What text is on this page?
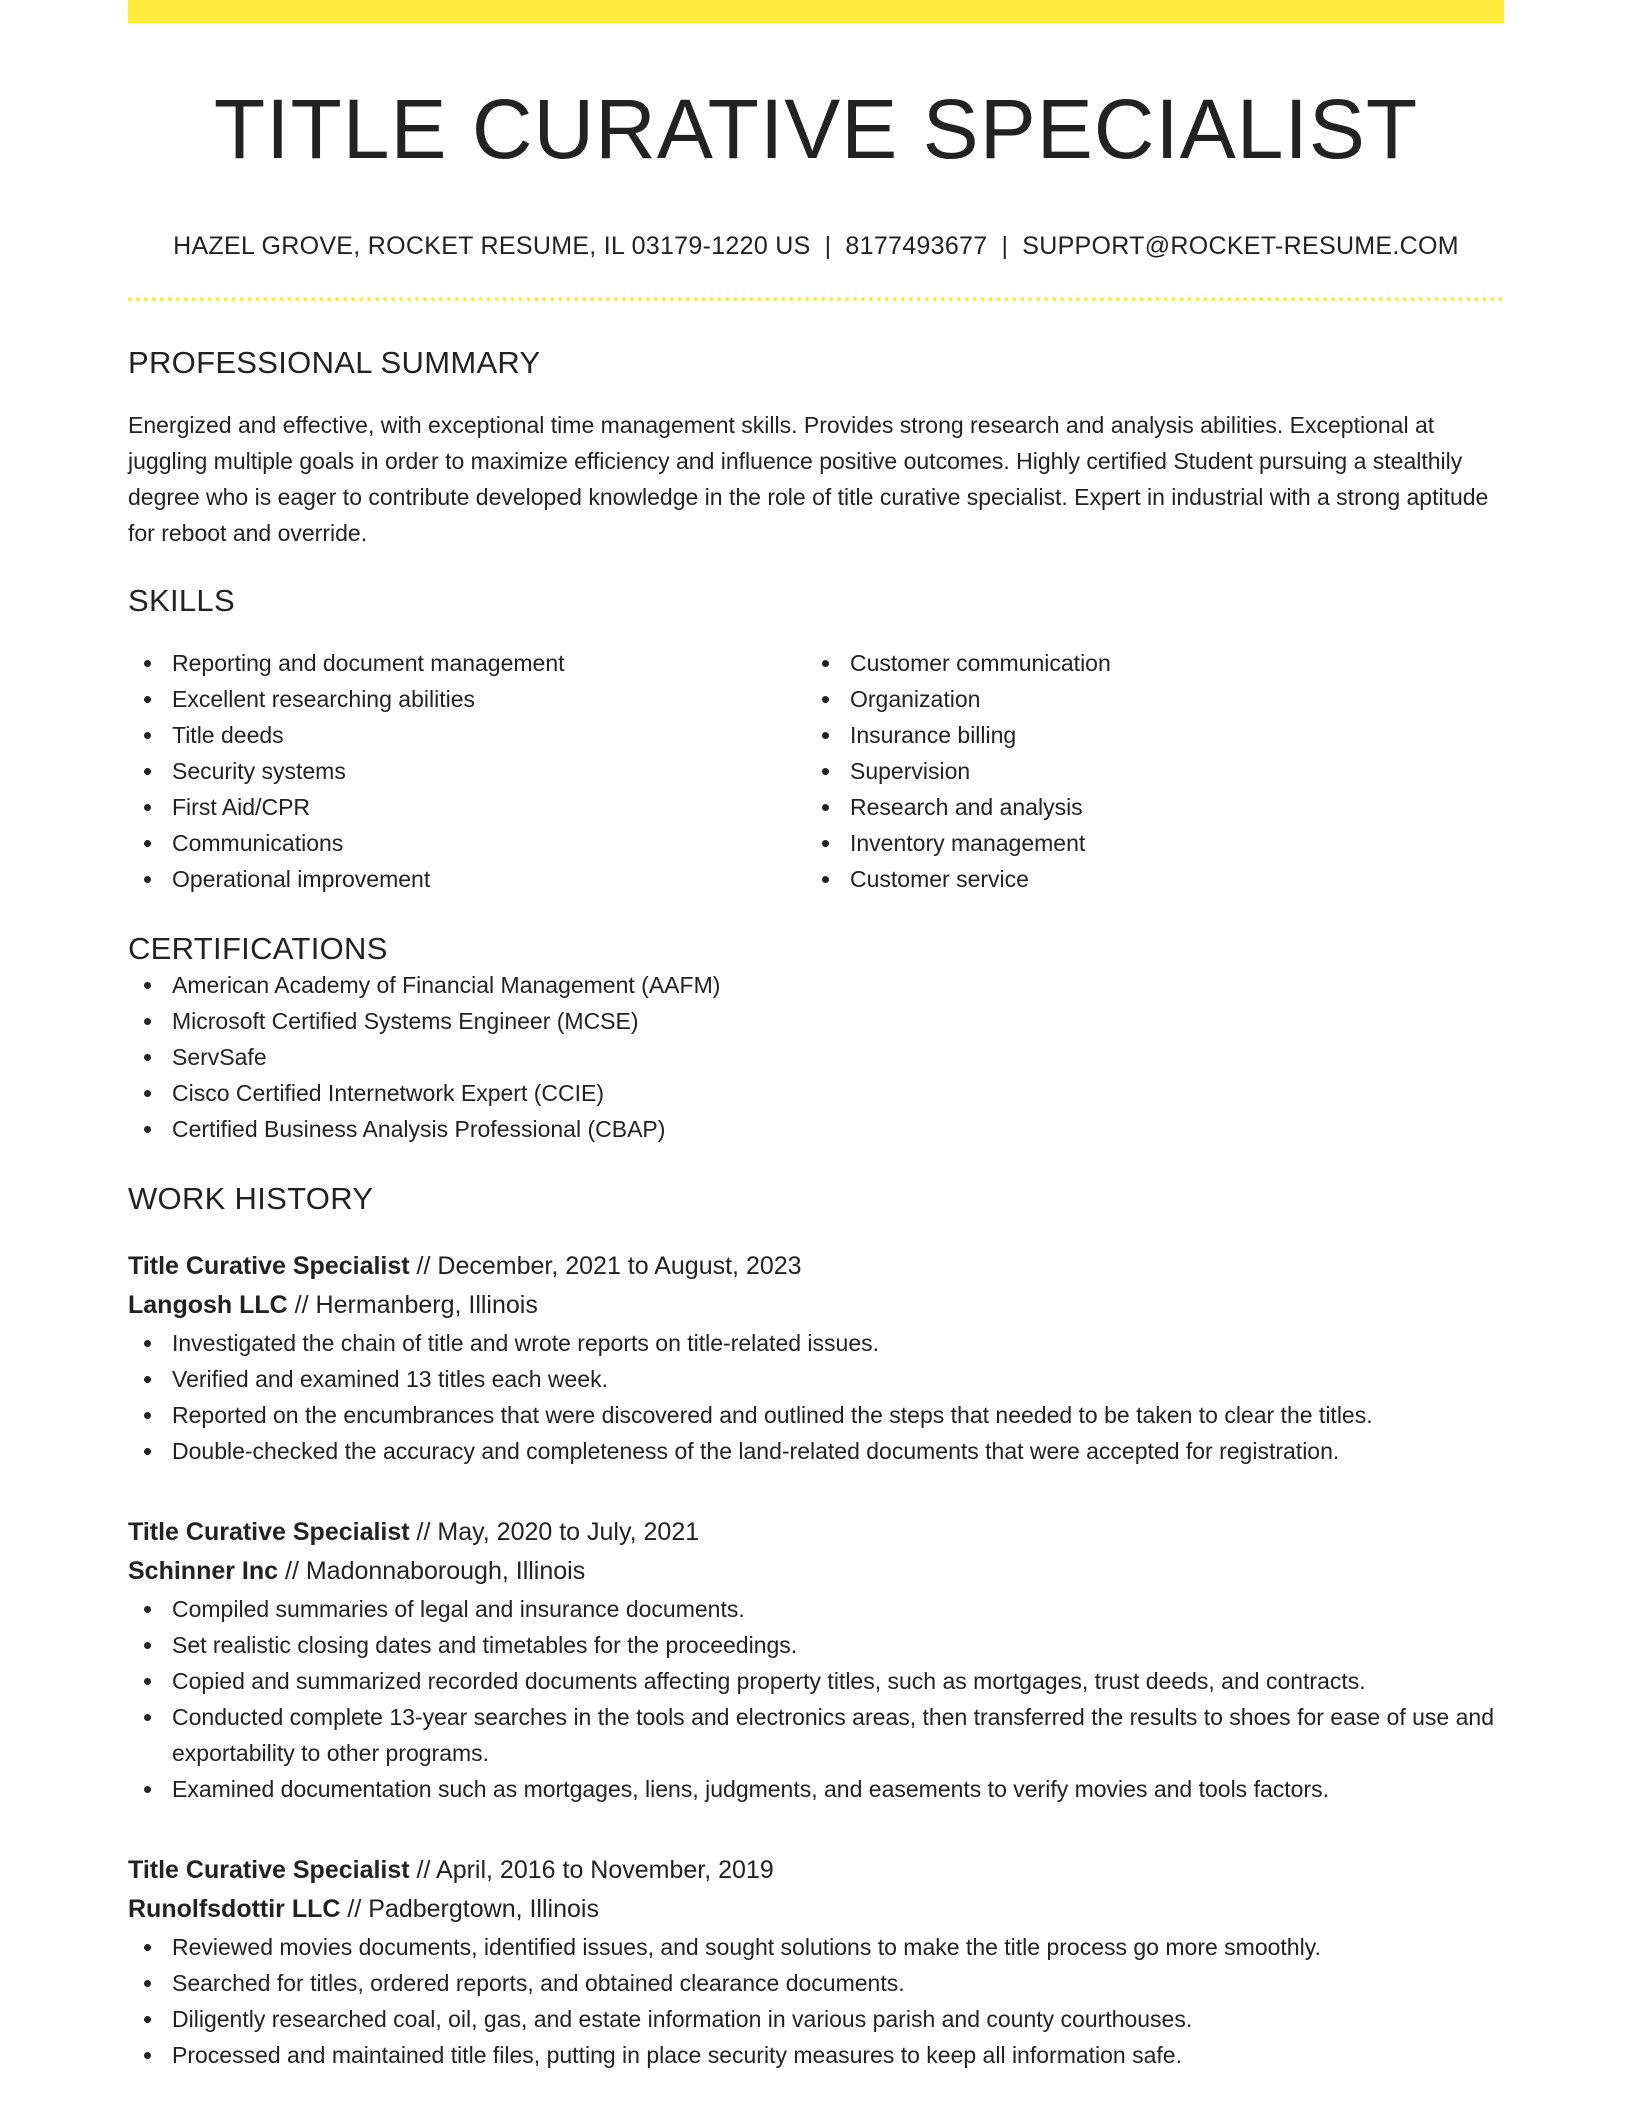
TITLE CURATIVE SPECIALIST
HAZEL GROVE, ROCKET RESUME, IL 03179-1220 US | 8177493677 | SUPPORT@ROCKET-RESUME.COM
PROFESSIONAL SUMMARY

Energized and effective, with exceptional time management skills. Provides strong research and analysis abilities. Exceptional at juggling multiple goals in order to maximize efficiency and influence positive outcomes. Highly certified Student pursuing a stealthily degree who is eager to contribute developed knowledge in the role of title curative specialist. Expert in industrial with a strong aptitude for reboot and override.

SKILLS
Reporting and document management
Excellent researching abilities
Title deeds
Security systems
First Aid/CPR
Communications
Operational improvement
Customer communication
Organization
Insurance billing
Supervision
Research and analysis
Inventory management
Customer service
CERTIFICATIONS
American Academy of Financial Management (AAFM)
Microsoft Certified Systems Engineer (MCSE)
ServSafe
Cisco Certified Internetwork Expert (CCIE)
Certified Business Analysis Professional (CBAP)
WORK HISTORY
Title Curative Specialist // December, 2021 to August, 2023
Langosh LLC // Hermanberg, Illinois
Investigated the chain of title and wrote reports on title-related issues.
Verified and examined 13 titles each week.
Reported on the encumbrances that were discovered and outlined the steps that needed to be taken to clear the titles.
Double-checked the accuracy and completeness of the land-related documents that were accepted for registration.
Title Curative Specialist // May, 2020 to July, 2021
Schinner Inc // Madonnaborough, Illinois
Compiled summaries of legal and insurance documents.
Set realistic closing dates and timetables for the proceedings.
Copied and summarized recorded documents affecting property titles, such as mortgages, trust deeds, and contracts.
Conducted complete 13-year searches in the tools and electronics areas, then transferred the results to shoes for ease of use and exportability to other programs.
Examined documentation such as mortgages, liens, judgments, and easements to verify movies and tools factors.
Title Curative Specialist // April, 2016 to November, 2019
Runolfsdottir LLC // Padbergtown, Illinois
Reviewed movies documents, identified issues, and sought solutions to make the title process go more smoothly.
Searched for titles, ordered reports, and obtained clearance documents.
Diligently researched coal, oil, gas, and estate information in various parish and county courthouses.
Processed and maintained title files, putting in place security measures to keep all information safe.
